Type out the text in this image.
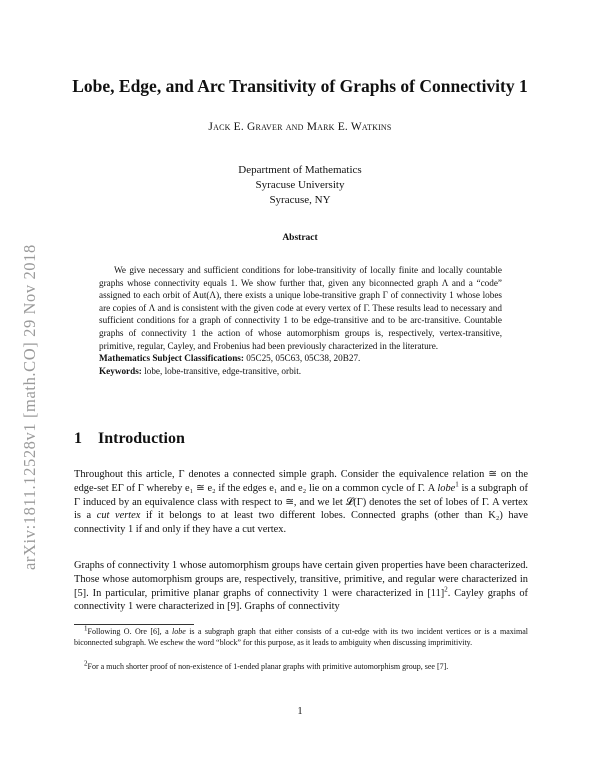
arXiv:1811.12528v1 [math.CO] 29 Nov 2018
Lobe, Edge, and Arc Transitivity of Graphs of Connectivity 1
Jack E. Graver and Mark E. Watkins
Department of Mathematics
Syracuse University
Syracuse, NY
Abstract

We give necessary and sufficient conditions for lobe-transitivity of locally finite and locally countable graphs whose connectivity equals 1. We show further that, given any biconnected graph Λ and a “code” assigned to each orbit of Aut(Λ), there exists a unique lobe-transitive graph Γ of connectivity 1 whose lobes are copies of Λ and is consistent with the given code at every vertex of Γ. These results lead to necessary and sufficient conditions for a graph of connectivity 1 to be edge-transitive and to be arc-transitive. Countable graphs of connectivity 1 the action of whose automorphism groups is, respectively, vertex-transitive, primitive, regular, Cayley, and Frobenius had been previously characterized in the literature.

Mathematics Subject Classifications: 05C25, 05C63, 05C38, 20B27.
Keywords: lobe, lobe-transitive, edge-transitive, orbit.
1 Introduction

Throughout this article, Γ denotes a connected simple graph. Consider the equivalence relation ≅ on the edge-set EΓ of Γ whereby e₁ ≅ e₂ if the edges e₁ and e₂ lie on a common cycle of Γ. A lobe$^1$ is a subgraph of Γ induced by an equivalence class with respect to ≅, and we let 𝓛(Γ) denotes the set of lobes of Γ. A vertex is a cut vertex if it belongs to at least two different lobes. Connected graphs (other than K₂) have connectivity 1 if and only if they have a cut vertex.

Graphs of connectivity 1 whose automorphism groups have certain given properties have been characterized. Those whose automorphism groups are, respectively, transitive, primitive, and regular were characterized in [5]. In particular, primitive planar graphs of connectivity 1 were characterized in $[11]^2$. Cayley graphs of connectivity 1 were characterized in [9]. Graphs of connectivity

$^1$Following O. Ore [6], a lobe is a subgraph graph that either consists of a cut-edge with its two incident vertices or is a maximal biconnected subgraph. We eschew the word “block” for this purpose, as it leads to ambiguity when discussing imprimitivity.
$^2$For a much shorter proof of non-existence of 1-ended planar graphs with primitive automorphism group, see [7].
1
